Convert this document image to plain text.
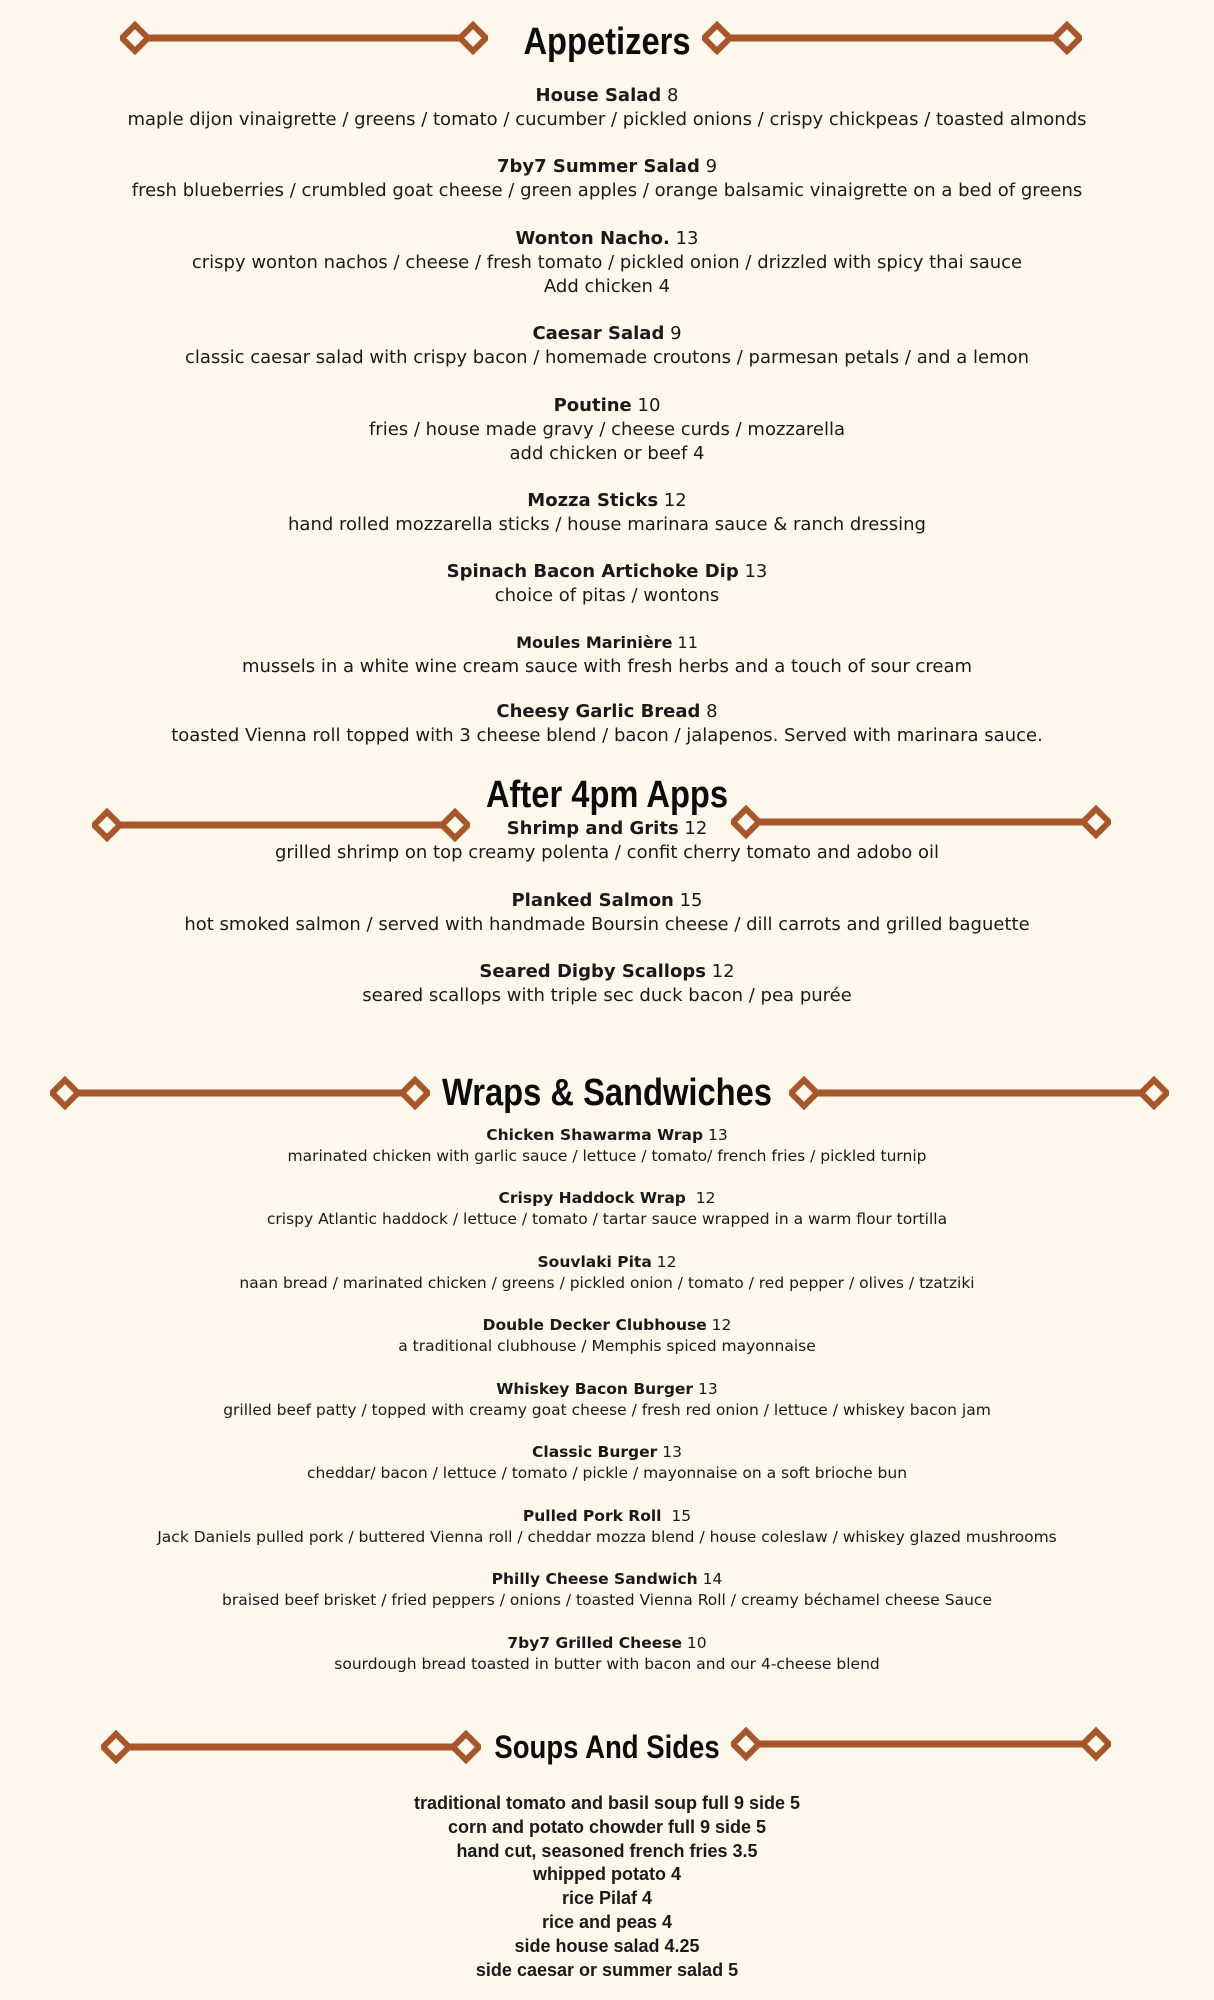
Appetizers
After 4pm Apps
Wraps & Sandwiches
Soups And Sides
House Salad 8
maple dijon vinaigrette / greens / tomato / cucumber / pickled onions / crispy chickpeas / toasted almonds
7by7 Summer Salad 9
fresh blueberries / crumbled goat cheese / green apples / orange balsamic vinaigrette on a bed of greens
Wonton Nacho. 13
crispy wonton nachos / cheese / fresh tomato / pickled onion / drizzled with spicy thai sauce
Add chicken 4
Caesar Salad 9
classic caesar salad with crispy bacon / homemade croutons / parmesan petals / and a lemon
Poutine 10
fries / house made gravy / cheese curds / mozzarella
add chicken or beef 4
Mozza Sticks 12
hand rolled mozzarella sticks / house marinara sauce & ranch dressing
Spinach Bacon Artichoke Dip 13
choice of pitas / wontons
Moules Marinière 11
mussels in a white wine cream sauce with fresh herbs and a touch of sour cream
Cheesy Garlic Bread 8
toasted Vienna roll topped with 3 cheese blend / bacon / jalapenos. Served with marinara sauce.
Shrimp and Grits 12
grilled shrimp on top creamy polenta / confit cherry tomato and adobo oil
Planked Salmon 15
hot smoked salmon / served with handmade Boursin cheese / dill carrots and grilled baguette
Seared Digby Scallops 12
seared scallops with triple sec duck bacon / pea purée
Chicken Shawarma Wrap 13
marinated chicken with garlic sauce / lettuce / tomato/ french fries / pickled turnip
Crispy Haddock Wrap 12
crispy Atlantic haddock / lettuce / tomato / tartar sauce wrapped in a warm flour tortilla
Souvlaki Pita 12
naan bread / marinated chicken / greens / pickled onion / tomato / red pepper / olives / tzatziki
Double Decker Clubhouse 12
a traditional clubhouse / Memphis spiced mayonnaise
Whiskey Bacon Burger 13
grilled beef patty / topped with creamy goat cheese / fresh red onion / lettuce / whiskey bacon jam
Classic Burger 13
cheddar/ bacon / lettuce / tomato / pickle / mayonnaise on a soft brioche bun
Pulled Pork Roll 15
Jack Daniels pulled pork / buttered Vienna roll / cheddar mozza blend / house coleslaw / whiskey glazed mushrooms
Philly Cheese Sandwich 14
braised beef brisket / fried peppers / onions / toasted Vienna Roll / creamy béchamel cheese Sauce
7by7 Grilled Cheese 10
sourdough bread toasted in butter with bacon and our 4-cheese blend
traditional tomato and basil soup full 9 side 5
corn and potato chowder full 9 side 5
hand cut, seasoned french fries 3.5
whipped potato 4
rice Pilaf 4
rice and peas 4
side house salad 4.25
side caesar or summer salad 5
